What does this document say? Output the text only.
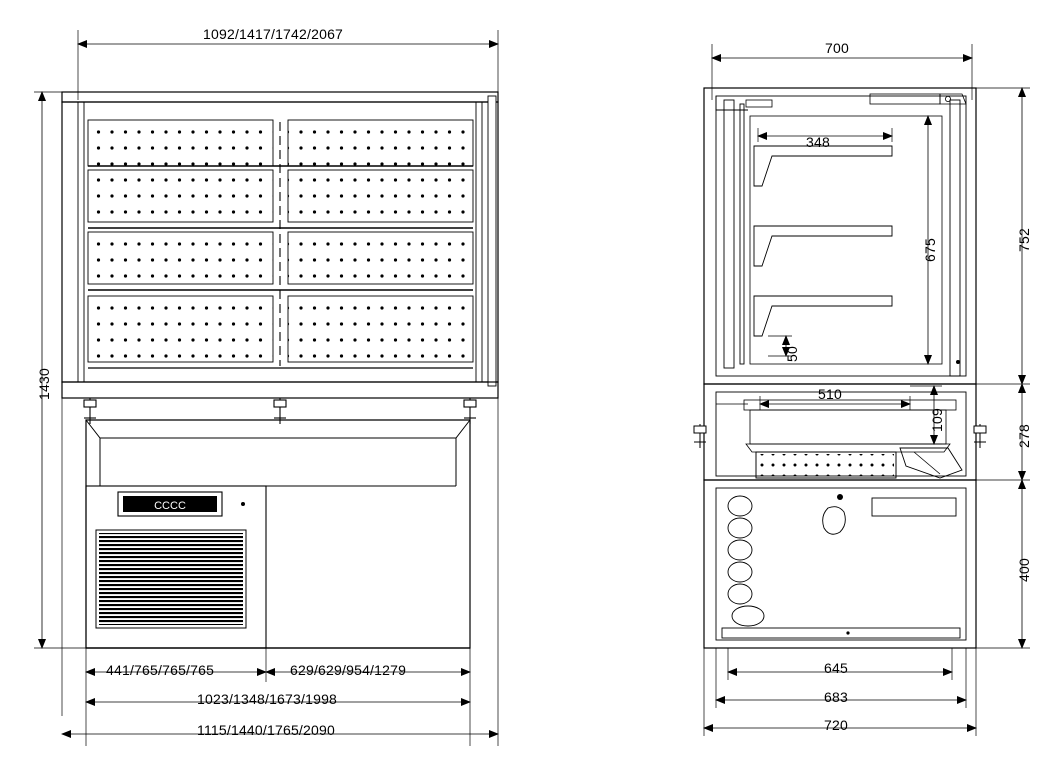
CCCC
1092/1417/1742/2067
1430
441/765/765/765	629/629/954/1279
1023/1348/1673/1998
1115/1440/1765/2090
700
348
675	752
50
510
109
278
400
645
683
720
